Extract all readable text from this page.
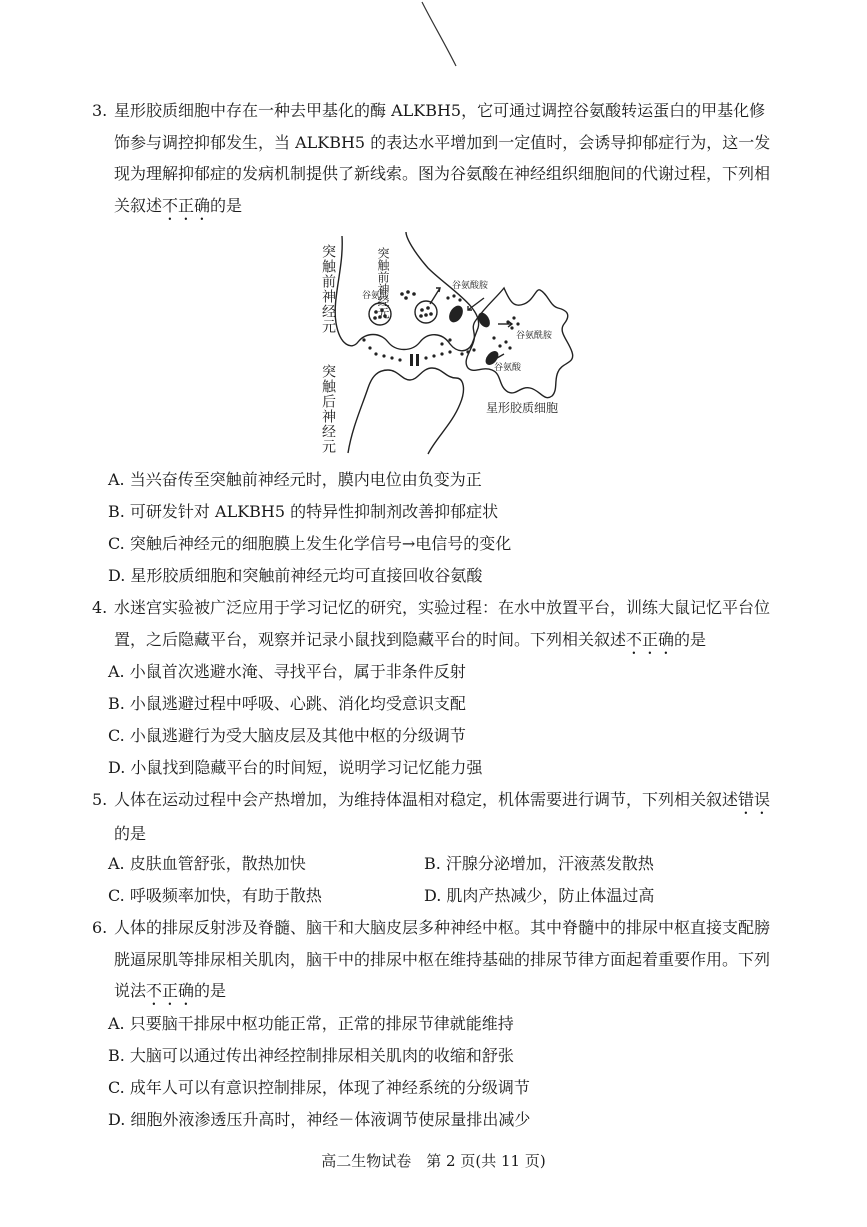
3. 星形胶质细胞中存在一种去甲基化的酶 ALKBH5，它可通过调控谷氨酸转运蛋白的甲基化修饰参与调控抑郁发生，当 ALKBH5 的表达水平增加到一定值时，会诱导抑郁症行为，这一发现为理解抑郁症的发病机制提供了新线索。图为谷氨酸在神经组织细胞间的代谢过程，下列相关叙述不正确的是
突触前神经元
谷氨酸
谷氨酸胺
谷氨酰胺
谷氨酸
星形胶质细胞
突触前神经元
突触后神经元
A. 当兴奋传至突触前神经元时，膜内电位由负变为正
B. 可研发针对 ALKBH5 的特异性抑制剂改善抑郁症状
C. 突触后神经元的细胞膜上发生化学信号→电信号的变化
D. 星形胶质细胞和突触前神经元均可直接回收谷氨酸
4. 水迷宫实验被广泛应用于学习记忆的研究，实验过程：在水中放置平台，训练大鼠记忆平台位置，之后隐藏平台，观察并记录小鼠找到隐藏平台的时间。下列相关叙述不正确的是
A. 小鼠首次逃避水淹、寻找平台，属于非条件反射
B. 小鼠逃避过程中呼吸、心跳、消化均受意识支配
C. 小鼠逃避行为受大脑皮层及其他中枢的分级调节
D. 小鼠找到隐藏平台的时间短，说明学习记忆能力强
5. 人体在运动过程中会产热增加，为维持体温相对稳定，机体需要进行调节，下列相关叙述错误的是
A. 皮肤血管舒张，散热加快	B. 汗腺分泌增加，汗液蒸发散热
C. 呼吸频率加快，有助于散热	D. 肌肉产热减少，防止体温过高
6. 人体的排尿反射涉及脊髓、脑干和大脑皮层多种神经中枢。其中脊髓中的排尿中枢直接支配膀胱逼尿肌等排尿相关肌肉，脑干中的排尿中枢在维持基础的排尿节律方面起着重要作用。下列说法不正确的是
A. 只要脑干排尿中枢功能正常，正常的排尿节律就能维持
B. 大脑可以通过传出神经控制排尿相关肌肉的收缩和舒张
C. 成年人可以有意识控制排尿，体现了神经系统的分级调节
D. 细胞外液渗透压升高时，神经－体液调节使尿量排出减少
高二生物试卷　第 2 页(共 11 页)
